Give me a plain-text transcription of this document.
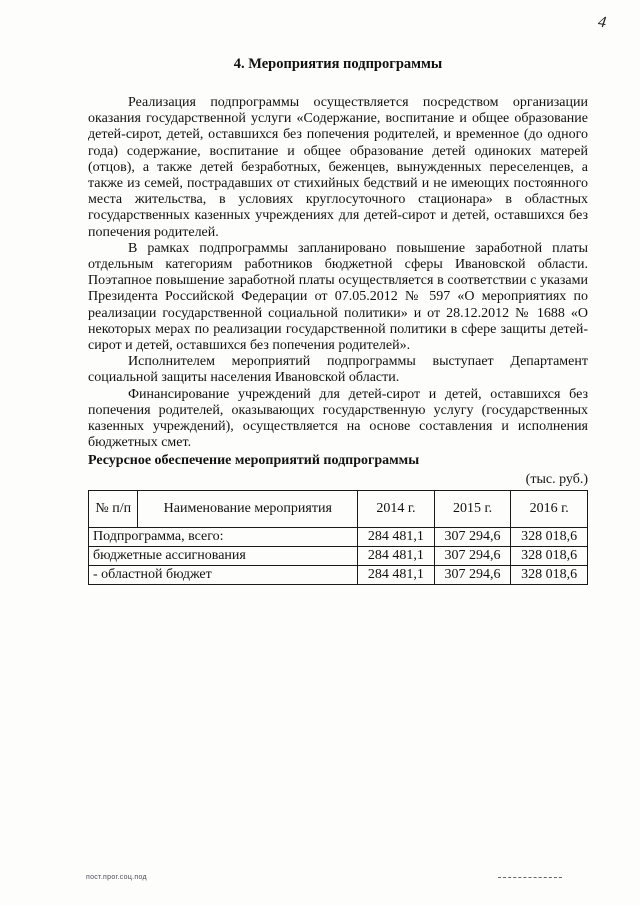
4
4. Мероприятия подпрограммы

Реализация подпрограммы осуществляется посредством организации оказания государственной услуги «Содержание, воспитание и общее образование детей-сирот, детей, оставшихся без попечения родителей, и временное (до одного года) содержание, воспитание и общее образование детей одиноких матерей (отцов), а также детей безработных, беженцев, вынужденных переселенцев, а также из семей, пострадавших от стихийных бедствий и не имеющих постоянного места жительства, в условиях круглосуточного стационара» в областных государственных казенных учреждениях для детей-сирот и детей, оставшихся без попечения родителей.

В рамках подпрограммы запланировано повышение заработной платы отдельным категориям работников бюджетной сферы Ивановской области. Поэтапное повышение заработной платы осуществляется в соответствии с указами Президента Российской Федерации от 07.05.2012 № 597 «О мероприятиях по реализации государственной социальной политики» и от 28.12.2012 № 1688 «О некоторых мерах по реализации государственной политики в сфере защиты детей-сирот и детей, оставшихся без попечения родителей».

Исполнителем мероприятий подпрограммы выступает Департамент социальной защиты населения Ивановской области.

Финансирование учреждений для детей-сирот и детей, оставшихся без попечения родителей, оказывающих государственную услугу (государственных казенных учреждений), осуществляется на основе составления и исполнения бюджетных смет.

Ресурсное обеспечение мероприятий подпрограммы

(тыс. руб.)
№ п/п	Наименование мероприятия	2014 г.	2015 г.	2016 г.
Подпрограмма, всего:		284 481,1	307 294,6	328 018,6
бюджетные ассигнования		284 481,1	307 294,6	328 018,6
- областной бюджет		284 481,1	307 294,6	328 018,6
пост.прог.соц.под
